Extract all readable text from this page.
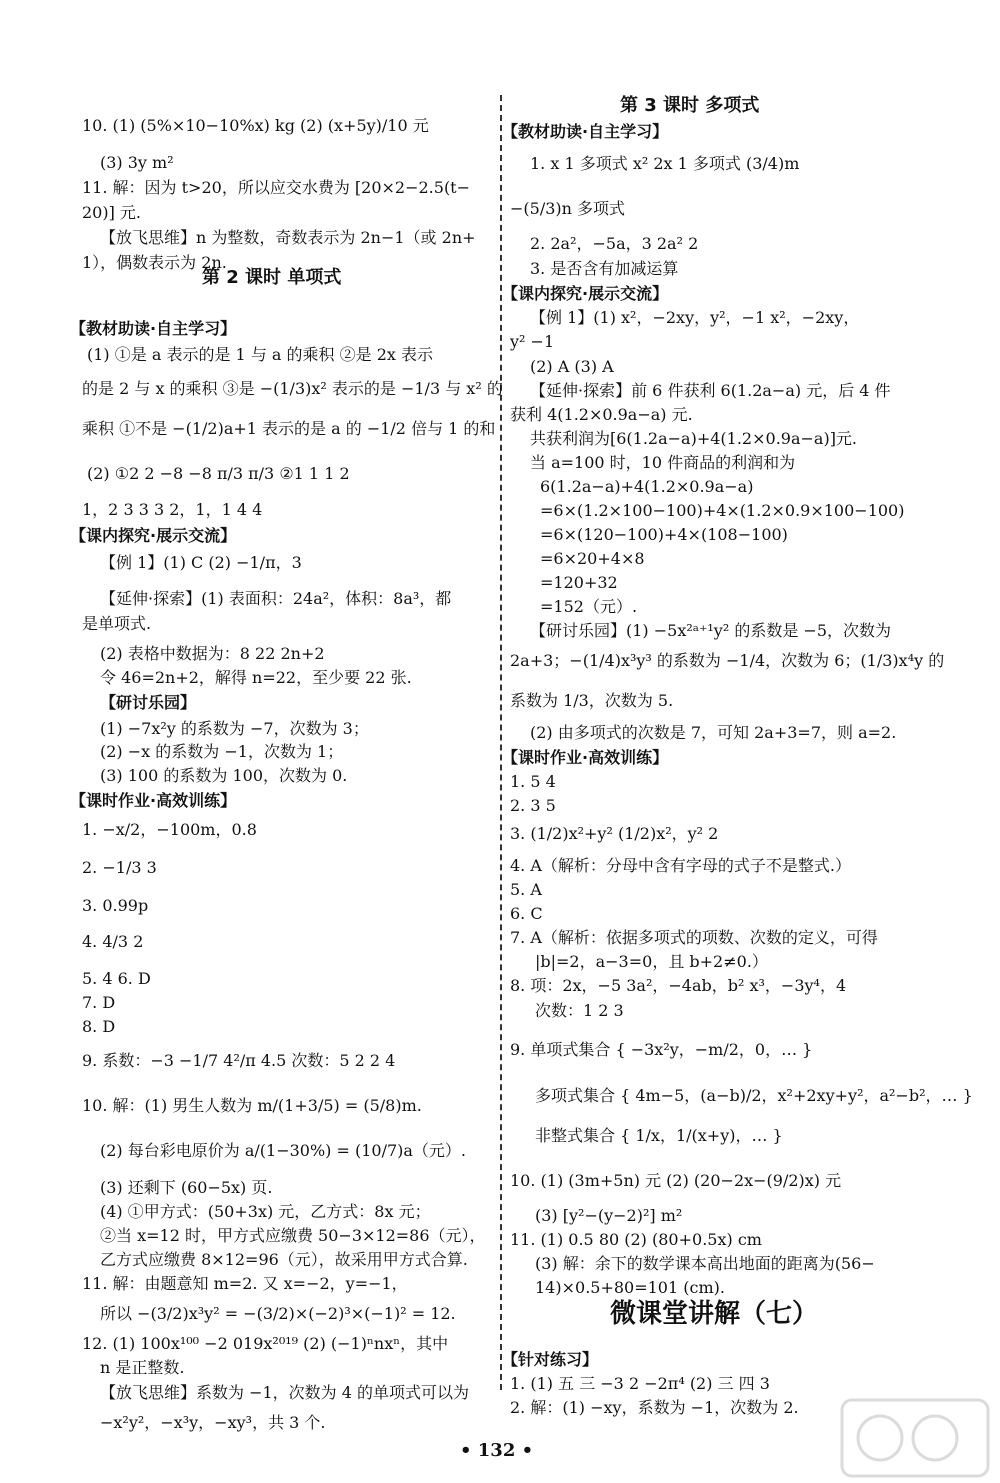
10. (1) (5%×10−10%x) kg (2) (x+5y)/10 元
(3) 3y m²
11. 解：因为 t>20，所以应交水费为 [20×2−2.5(t−
20)] 元.
【放飞思维】n 为整数，奇数表示为 2n−1（或 2n+
1），偶数表示为 2n.
第 2 课时 单项式
【教材助读·自主学习】
(1) ①是 a 表示的是 1 与 a 的乘积 ②是 2x 表示
的是 2 与 x 的乘积 ③是 −(1/3)x² 表示的是 −1/3 与 x² 的
乘积 ①不是 −(1/2)a+1 表示的是 a 的 −1/2 倍与 1 的和
(2) ①2 2 −8 −8 π/3 π/3 ②1 1 1 2
1，2 3 3 3 2，1，1 4 4
【课内探究·展示交流】
【例 1】(1) C (2) −1/π，3
【延伸·探索】(1) 表面积：24a²，体积：8a³，都
是单项式.
(2) 表格中数据为：8 22 2n+2
令 46=2n+2，解得 n=22，至少要 22 张.
【研讨乐园】
(1) −7x²y 的系数为 −7，次数为 3；
(2) −x 的系数为 −1，次数为 1；
(3) 100 的系数为 100，次数为 0.
【课时作业·高效训练】
1. −x/2，−100m，0.8
2. −1/3 3
3. 0.99p
4. 4/3 2
5. 4 6. D
7. D
8. D
9. 系数：−3 −1/7 4²/π 4.5 次数：5 2 2 4
10. 解：(1) 男生人数为 m/(1+3/5) = (5/8)m.
(2) 每台彩电原价为 a/(1−30%) = (10/7)a（元）.
(3) 还剩下 (60−5x) 页.
(4) ①甲方式：(50+3x) 元，乙方式：8x 元；
②当 x=12 时，甲方式应缴费 50−3×12=86（元），
乙方式应缴费 8×12=96（元），故采用甲方式合算.
11. 解：由题意知 m=2. 又 x=−2，y=−1，
所以 −(3/2)x³y² = −(3/2)×(−2)³×(−1)² = 12.
12. (1) 100x¹⁰⁰ −2 019x²⁰¹⁹ (2) (−1)ⁿnxⁿ，其中
n 是正整数.
【放飞思维】系数为 −1，次数为 4 的单项式可以为
−x²y²，−x³y，−xy³，共 3 个.
第 3 课时 多项式
【教材助读·自主学习】
1. x 1 多项式 x² 2x 1 多项式 (3/4)m
−(5/3)n 多项式
2. 2a²，−5a，3 2a² 2
3. 是否含有加减运算
【课内探究·展示交流】
【例 1】(1) x²，−2xy，y²，−1 x²，−2xy，
y² −1
(2) A (3) A
【延伸·探索】前 6 件获利 6(1.2a−a) 元，后 4 件
获利 4(1.2×0.9a−a) 元.
共获利润为[6(1.2a−a)+4(1.2×0.9a−a)]元.
当 a=100 时，10 件商品的利润和为
6(1.2a−a)+4(1.2×0.9a−a)
=6×(1.2×100−100)+4×(1.2×0.9×100−100)
=6×(120−100)+4×(108−100)
=6×20+4×8
=120+32
=152（元）.
【研讨乐园】(1) −5x²ᵃ⁺¹y² 的系数是 −5，次数为
2a+3；−(1/4)x³y³ 的系数为 −1/4，次数为 6；(1/3)x⁴y 的
系数为 1/3，次数为 5.
(2) 由多项式的次数是 7，可知 2a+3=7，则 a=2.
【课时作业·高效训练】
1. 5 4
2. 3 5
3. (1/2)x²+y² (1/2)x²，y² 2
4. A（解析：分母中含有字母的式子不是整式.）
5. A
6. C
7. A（解析：依据多项式的项数、次数的定义，可得
|b|=2，a−3=0，且 b+2≠0.）
8. 项：2x，−5 3a²，−4ab，b² x³，−3y⁴，4
次数：1 2 3
9. 单项式集合 { −3x²y，−m/2，0，… }
多项式集合 { 4m−5，(a−b)/2，x²+2xy+y²，a²−b²，… }
非整式集合 { 1/x，1/(x+y)，… }
10. (1) (3m+5n) 元 (2) (20−2x−(9/2)x) 元
(3) [y²−(y−2)²] m²
11. (1) 0.5 80 (2) (80+0.5x) cm
(3) 解：余下的数学课本高出地面的距离为(56−
14)×0.5+80=101 (cm).
微课堂讲解（七）
【针对练习】
1. (1) 五 三 −3 2 −2π⁴ (2) 三 四 3
2. 解：(1) −xy，系数为 −1，次数为 2.
• 132 •
